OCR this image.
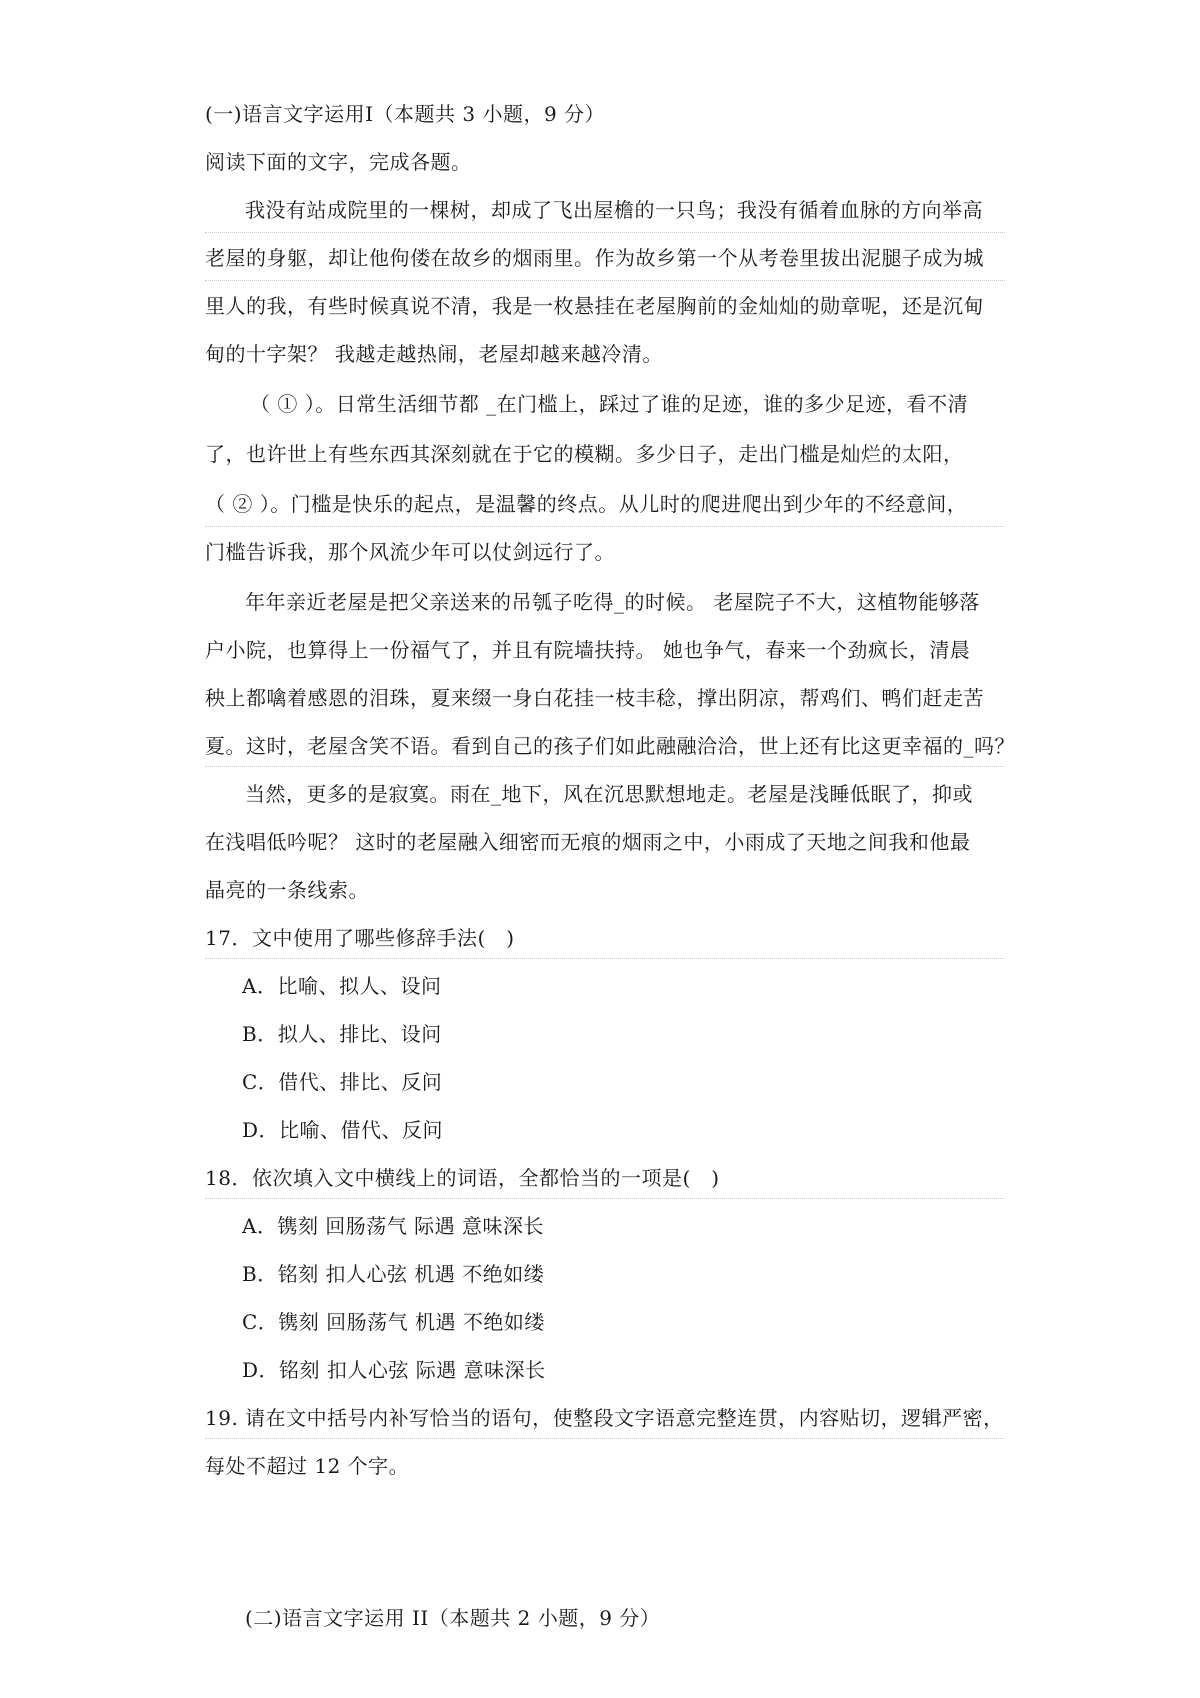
(一)语言文字运用Ⅰ（本题共 3 小题，9 分）
阅读下面的文字，完成各题。
我没有站成院里的一棵树，却成了飞出屋檐的一只鸟；我没有循着血脉的方向举高
老屋的身躯，却让他佝偻在故乡的烟雨里。作为故乡第一个从考卷里拔出泥腿子成为城
里人的我，有些时候真说不清，我是一枚悬挂在老屋胸前的金灿灿的勋章呢，还是沉甸
甸的十字架？ 我越走越热闹，老屋却越来越冷清。
（ ① ）。日常生活细节都 _在门槛上，踩过了谁的足迹，谁的多少足迹，看不清
了，也许世上有些东西其深刻就在于它的模糊。多少日子，走出门槛是灿烂的太阳，
（ ② ）。门槛是快乐的起点，是温馨的终点。从儿时的爬进爬出到少年的不经意间，
门槛告诉我，那个风流少年可以仗剑远行了。
年年亲近老屋是把父亲送来的吊瓠子吃得_的时候。 老屋院子不大，这植物能够落
户小院，也算得上一份福气了，并且有院墙扶持。 她也争气，春来一个劲疯长，清晨
秧上都噙着感恩的泪珠，夏来缀一身白花挂一枝丰稔，撑出阴凉，帮鸡们、鸭们赶走苦
夏。这时，老屋含笑不语。看到自己的孩子们如此融融洽洽，世上还有比这更幸福的_吗？
当然，更多的是寂寞。雨在_地下，风在沉思默想地走。老屋是浅睡低眠了，抑或
在浅唱低吟呢？ 这时的老屋融入细密而无痕的烟雨之中，小雨成了天地之间我和他最
晶亮的一条线索。
17．文中使用了哪些修辞手法(　)
A．比喻、拟人、设问
B．拟人、排比、设问
C．借代、排比、反问
D．比喻、借代、反问
18．依次填入文中横线上的词语，全都恰当的一项是(　)
A．镌刻 回肠荡气 际遇 意味深长
B．铭刻 扣人心弦 机遇 不绝如缕
C．镌刻 回肠荡气 机遇 不绝如缕
D．铭刻 扣人心弦 际遇 意味深长
19. 请在文中括号内补写恰当的语句，使整段文字语意完整连贯，内容贴切，逻辑严密，
每处不超过 12 个字。
(二)语言文字运用 II（本题共 2 小题，9 分）
